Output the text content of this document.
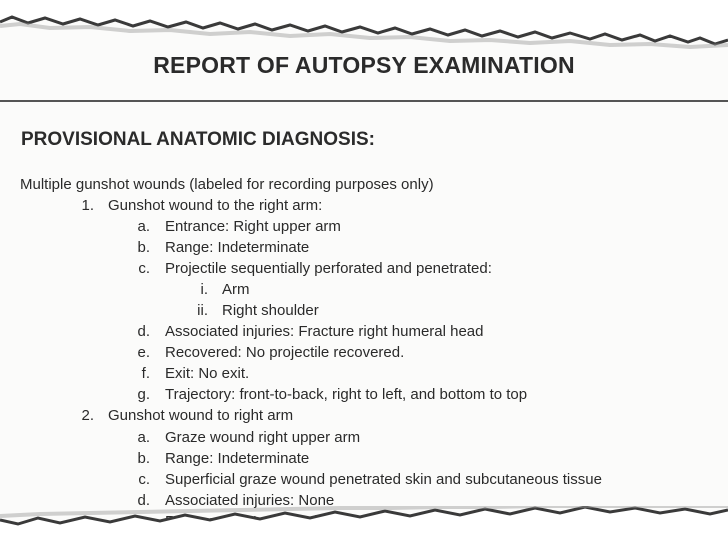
REPORT OF AUTOPSY EXAMINATION
PROVISIONAL ANATOMIC DIAGNOSIS:
Multiple gunshot wounds (labeled for recording purposes only)
1. Gunshot wound to the right arm:
a. Entrance: Right upper arm
b. Range: Indeterminate
c. Projectile sequentially perforated and penetrated:
i. Arm
ii. Right shoulder
d. Associated injuries: Fracture right humeral head
e. Recovered: No projectile recovered.
f. Exit: No exit.
g. Trajectory: front-to-back, right to left, and bottom to top
2. Gunshot wound to right arm
a. Graze wound right upper arm
b. Range: Indeterminate
c. Superficial graze wound penetrated skin and subcutaneous tissue
d. Associated injuries: None
